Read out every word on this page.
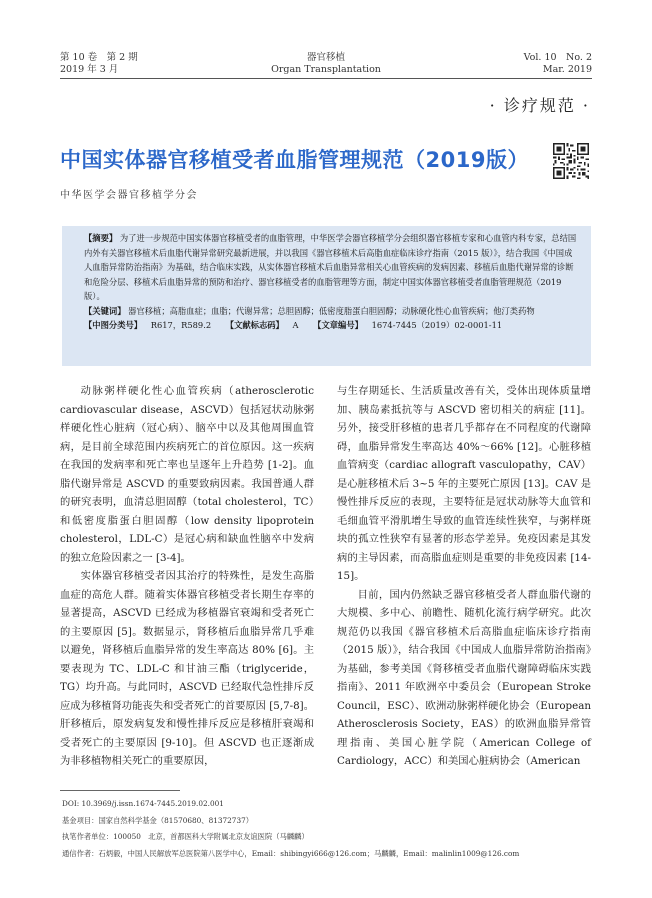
第 10 卷　第 2 期
2019 年 3 月
器官移植
Organ Transplantation
Vol. 10　No. 2
Mar. 2019
· 诊疗规范 ·
中国实体器官移植受者血脂管理规范（2019版）
中华医学会器官移植学分会

【摘要】 为了进一步规范中国实体器官移植受者的血脂管理，中华医学会器官移植学分会组织器官移植专家和心血管内科专家，总结国内外有关器官移植术后血脂代谢异常研究最新进展，并以我国《器官移植术后高脂血症临床诊疗指南（2015 版）》，结合我国《中国成人血脂异常防治指南》为基础，结合临床实践，从实体器官移植术后血脂异常相关心血管疾病的发病因素、移植后血脂代谢异常的诊断和危险分层、移植术后血脂异常的预防和治疗、器官移植受者的血脂管理等方面，制定中国实体器官移植受者血脂管理规范（2019 版）。

【关键词】 器官移植；高脂血症；血脂；代谢异常；总胆固醇；低密度脂蛋白胆固醇；动脉硬化性心血管疾病；他汀类药物

【中图分类号】 R617，R589.2 【文献标志码】 A 【文章编号】 1674-7445（2019）02-0001-11

动脉粥样硬化性心血管疾病（atherosclerotic cardiovascular disease，ASCVD）包括冠状动脉粥样硬化性心脏病（冠心病）、脑卒中以及其他周围血管病，是目前全球范围内疾病死亡的首位原因。这一疾病在我国的发病率和死亡率也呈逐年上升趋势 [1-2]。血脂代谢异常是 ASCVD 的重要致病因素。我国普通人群的研究表明，血清总胆固醇（total cholesterol，TC）和低密度脂蛋白胆固醇（low density lipoprotein cholesterol，LDL-C）是冠心病和缺血性脑卒中发病的独立危险因素之一 [3-4]。

实体器官移植受者因其治疗的特殊性，是发生高脂血症的高危人群。随着实体器官移植受者长期生存率的显著提高，ASCVD 已经成为移植器官衰竭和受者死亡的主要原因 [5]。数据显示，肾移植后血脂异常几乎难以避免，肾移植后血脂异常的发生率高达 80% [6]。主要表现为 TC、LDL-C 和甘油三酯（triglyceride，TG）均升高。与此同时，ASCVD 已经取代急性排斥反应成为移植肾功能丧失和受者死亡的首要原因 [5,7-8]。肝移植后，原发病复发和慢性排斥反应是移植肝衰竭和受者死亡的主要原因 [9-10]。但 ASCVD 也正逐渐成为非移植物相关死亡的重要原因，

与生存期延长、生活质量改善有关，受体出现体质量增加、胰岛素抵抗等与 ASCVD 密切相关的病症 [11]。另外，接受肝移植的患者几乎都存在不同程度的代谢障碍，血脂异常发生率高达 40%～66% [12]。心脏移植血管病变（cardiac allograft vasculopathy，CAV）是心脏移植术后 3~5 年的主要死亡原因 [13]。CAV 是慢性排斥反应的表现，主要特征是冠状动脉等大血管和毛细血管平滑肌增生导致的血管连续性狭窄，与粥样斑块的孤立性狭窄有显著的形态学差异。免疫因素是其发病的主导因素，而高脂血症则是重要的非免疫因素 [14-15]。

目前，国内仍然缺乏器官移植受者人群血脂代谢的大规模、多中心、前瞻性、随机化流行病学研究。此次规范仍以我国《器官移植术后高脂血症临床诊疗指南（2015 版）》，结合我国《中国成人血脂异常防治指南》为基础，参考美国《肾移植受者血脂代谢障碍临床实践指南》、2011 年欧洲卒中委员会（European Stroke Council，ESC）、欧洲动脉粥样硬化协会（European Atherosclerosis Society，EAS）的欧洲血脂异常管理指南、美国心脏学院（American College of Cardiology，ACC）和美国心脏病协会（American

DOI: 10.3969/j.issn.1674-7445.2019.02.001
基金项目：国家自然科学基金（81570680、81372737）
执笔作者单位：100050　北京，首都医科大学附属北京友谊医院（马麟麟）
通信作者：石炳毅，中国人民解放军总医院第八医学中心，Email：shibingyi666@126.com；马麟麟，Email：malinlin1009@126.com
